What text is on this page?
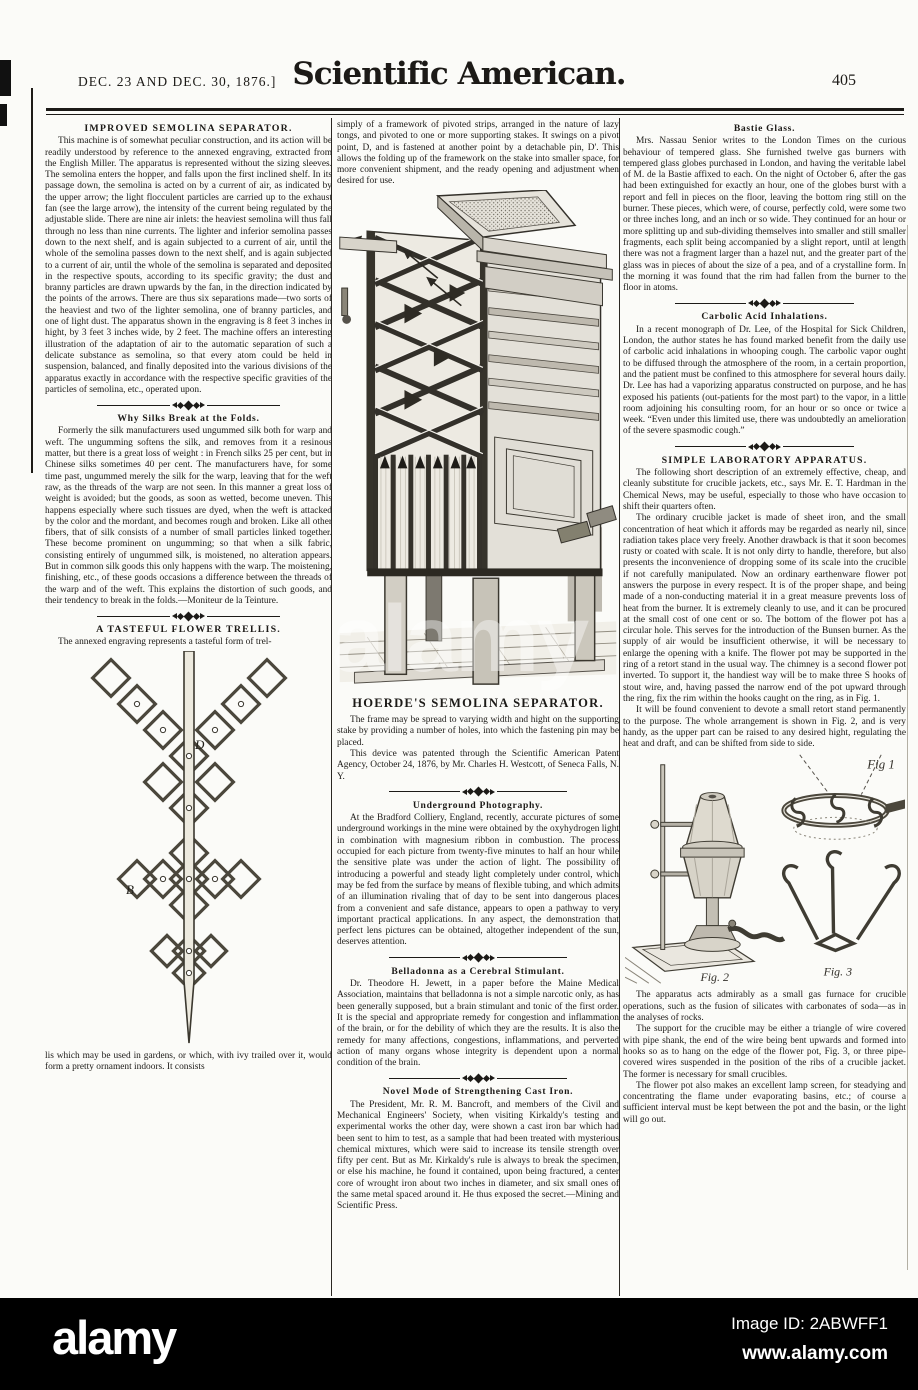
DEC. 23 AND DEC. 30, 1876.] Scientific American.	405
IMPROVED SEMOLINA SEPARATOR.

This machine is of somewhat peculiar construction, and its action will be readily understood by reference to the annexed engraving, extracted from the English Miller. The apparatus is represented without the sizing sleeves. The semolina enters the hopper, and falls upon the first inclined shelf. In its passage down, the semolina is acted on by a current of air, as indicated by the upper arrow; the light flocculent particles are carried up to the exhaust fan (see the large arrow), the intensity of the current being regulated by the adjustable slide. There are nine air inlets: the heaviest semolina will thus fall through no less than nine currents. The lighter and inferior semolina passes down to the next shelf, and is again subjected to a current of air, until the whole of the semolina passes down to the next shelf, and is again subjected to a current of air, until the whole of the semolina is separated and deposited in the respective spouts, according to its specific gravity; the dust and branny particles are drawn upwards by the fan, in the direction indicated by the points of the arrows. There are thus six separations made—two sorts of the heaviest and two of the lighter semolina, one of branny particles, and one of light dust. The apparatus shown in the engraving is 8 feet 3 inches in hight, by 3 feet 3 inches wide, by 2 feet. The machine offers an interesting illustration of the adaptation of air to the automatic separation of such a delicate substance as semolina, so that every atom could be held in suspension, balanced, and finally deposited into the various divisions of the apparatus exactly in accordance with the respective specific gravities of the particles of semolina, etc., operated upon.

Why Silks Break at the Folds.

Formerly the silk manufacturers used ungummed silk both for warp and weft. The ungumming softens the silk, and removes from it a resinous matter, but there is a great loss of weight : in French silks 25 per cent, but in Chinese silks sometimes 40 per cent. The manufacturers have, for some time past, ungummed merely the silk for the warp, leaving that for the weft raw, as the threads of the warp are not seen. In this manner a great loss of weight is avoided; but the goods, as soon as wetted, become uneven. This happens especially where such tissues are dyed, when the weft is attacked by the color and the mordant, and becomes rough and broken. Like all other fibers, that of silk consists of a number of small particles linked together. These become prominent on ungumming; so that when a silk fabric, consisting entirely of ungummed silk, is moistened, no alteration appears. But in common silk goods this only happens with the warp. The moistening, finishing, etc., of these goods occasions a difference between the threads of the warp and of the weft. This explains the distortion of such goods, and their tendency to break in the folds.—Moniteur de la Teinture.

A TASTEFUL FLOWER TRELLIS.

The annexed engraving represents a tasteful form of trel-

D
B

lis which may be used in gardens, or which, with ivy trailed over it, would form a pretty ornament indoors. It consists

simply of a framework of pivoted strips, arranged in the nature of lazy tongs, and pivoted to one or more supporting stakes. It swings on a pivot point, D, and is fastened at another point by a detachable pin, D'. This allows the folding up of the framework on the stake into smaller space, for more convenient shipment, and the ready opening and adjustment when desired for use.

HOERDE'S SEMOLINA SEPARATOR.

The frame may be spread to varying width and hight on the supporting stake by providing a number of holes, into which the fastening pin may be placed.

This device was patented through the Scientific American Patent Agency, October 24, 1876, by Mr. Charles H. Westcott, of Seneca Falls, N. Y.

Underground Photography.

At the Bradford Colliery, England, recently, accurate pictures of some underground workings in the mine were obtained by the oxyhydrogen light in combination with magnesium ribbon in combustion. The process occupied for each picture from twenty-five minutes to half an hour while the sensitive plate was under the action of light. The possibility of introducing a powerful and steady light completely under control, which may be fed from the surface by means of flexible tubing, and which admits of an illumination rivaling that of day to be sent into dangerous places from a convenient and safe distance, appears to open a pathway to very important practical applications. In any aspect, the demonstration that perfect lens pictures can be obtained, altogether independent of the sun, deserves attention.

Belladonna as a Cerebral Stimulant.

Dr. Theodore H. Jewett, in a paper before the Maine Medical Association, maintains that belladonna is not a simple narcotic only, as has been generally supposed, but a brain stimulant and tonic of the first order. It is the special and appropriate remedy for congestion and inflammation of the brain, or for the debility of which they are the results. It is also the remedy for many affections, congestions, inflammations, and perverted action of many organs whose integrity is dependent upon a normal condition of the brain.

Novel Mode of Strengthening Cast Iron.

The President, Mr. R. M. Bancroft, and members of the Civil and Mechanical Engineers' Society, when visiting Kirkaldy's testing and experimental works the other day, were shown a cast iron bar which had been sent to him to test, as a sample that had been treated with mysterious chemical mixtures, which were said to increase its tensile strength over fifty per cent. But as Mr. Kirkaldy's rule is always to break the specimen, or else his machine, he found it contained, upon being fractured, a center core of wrought iron about two inches in diameter, and six small ones of the same metal spaced around it. He thus exposed the secret.—Mining and Scientific Press.

Bastie Glass.

Mrs. Nassau Senior writes to the London Times on the curious behaviour of tempered glass. She furnished twelve gas burners with tempered glass globes purchased in London, and having the veritable label of M. de la Bastie affixed to each. On the night of October 6, after the gas had been extinguished for exactly an hour, one of the globes burst with a report and fell in pieces on the floor, leaving the bottom ring still on the burner. These pieces, which were, of course, perfectly cold, were some two or three inches long, and an inch or so wide. They continued for an hour or more splitting up and sub-dividing themselves into smaller and still smaller fragments, each split being accompanied by a slight report, until at length there was not a fragment larger than a hazel nut, and the greater part of the glass was in pieces of about the size of a pea, and of a crystalline form. In the morning it was found that the rim had fallen from the burner to the floor in atoms.

Carbolic Acid Inhalations.

In a recent monograph of Dr. Lee, of the Hospital for Sick Children, London, the author states he has found marked benefit from the daily use of carbolic acid inhalations in whooping cough. The carbolic vapor ought to be diffused through the atmosphere of the room, in a certain proportion, and the patient must be confined to this atmosphere for several hours daily. Dr. Lee has had a vaporizing apparatus constructed on purpose, and he has exposed his patients (out-patients for the most part) to the vapor, in a little room adjoining his consulting room, for an hour or so once or twice a week. “Even under this limited use, there was undoubtedly an amelioration of the severe spasmodic cough.”

SIMPLE LABORATORY APPARATUS.

The following short description of an extremely effective, cheap, and cleanly substitute for crucible jackets, etc., says Mr. E. T. Hardman in the Chemical News, may be useful, especially to those who have occasion to shift their quarters often.

The ordinary crucible jacket is made of sheet iron, and the small concentration of heat which it affords may be regarded as nearly nil, since radiation takes place very freely. Another drawback is that it soon becomes rusty or coated with scale. It is not only dirty to handle, therefore, but also presents the inconvenience of dropping some of its scale into the crucible if not carefully manipulated. Now an ordinary earthenware flower pot answers the purpose in every respect. It is of the proper shape, and being made of a non-conducting material it in a great measure prevents loss of heat from the burner. It is extremely cleanly to use, and it can be procured at the small cost of one cent or so. The bottom of the flower pot has a circular hole. This serves for the introduction of the Bunsen burner. As the supply of air would be insufficient otherwise, it will be necessary to enlarge the opening with a knife. The flower pot may be supported in the ring of a retort stand in the usual way. The chimney is a second flower pot inverted. To support it, the handiest way will be to make three S hooks of stout wire, and, having passed the narrow end of the pot upward through the ring, fix the rim within the hooks caught on the ring, as in Fig. 1.

It will be found convenient to devote a small retort stand permanently to the purpose. The whole arrangement is shown in Fig. 2, and is very handy, as the upper part can be raised to any desired hight, regulating the heat and draft, and can be shifted from side to side.

Fig 1
Fig. 2	Fig. 3

The apparatus acts admirably as a small gas furnace for crucible operations, such as the fusion of silicates with carbonates of soda—as in the analyses of rocks.

The support for the crucible may be either a triangle of wire covered with pipe shank, the end of the wire being bent upwards and formed into hooks so as to hang on the edge of the flower pot, Fig. 3, or three pipe-covered wires suspended in the position of the ribs of a crucible jacket. The former is necessary for small crucibles.

The flower pot also makes an excellent lamp screen, for steadying and concentrating the flame under evaporating basins, etc.; of course a sufficient interval must be kept between the pot and the basin, or the light will go out.

alamy
alamy	Image ID: 2ABWFF1
www.alamy.com
